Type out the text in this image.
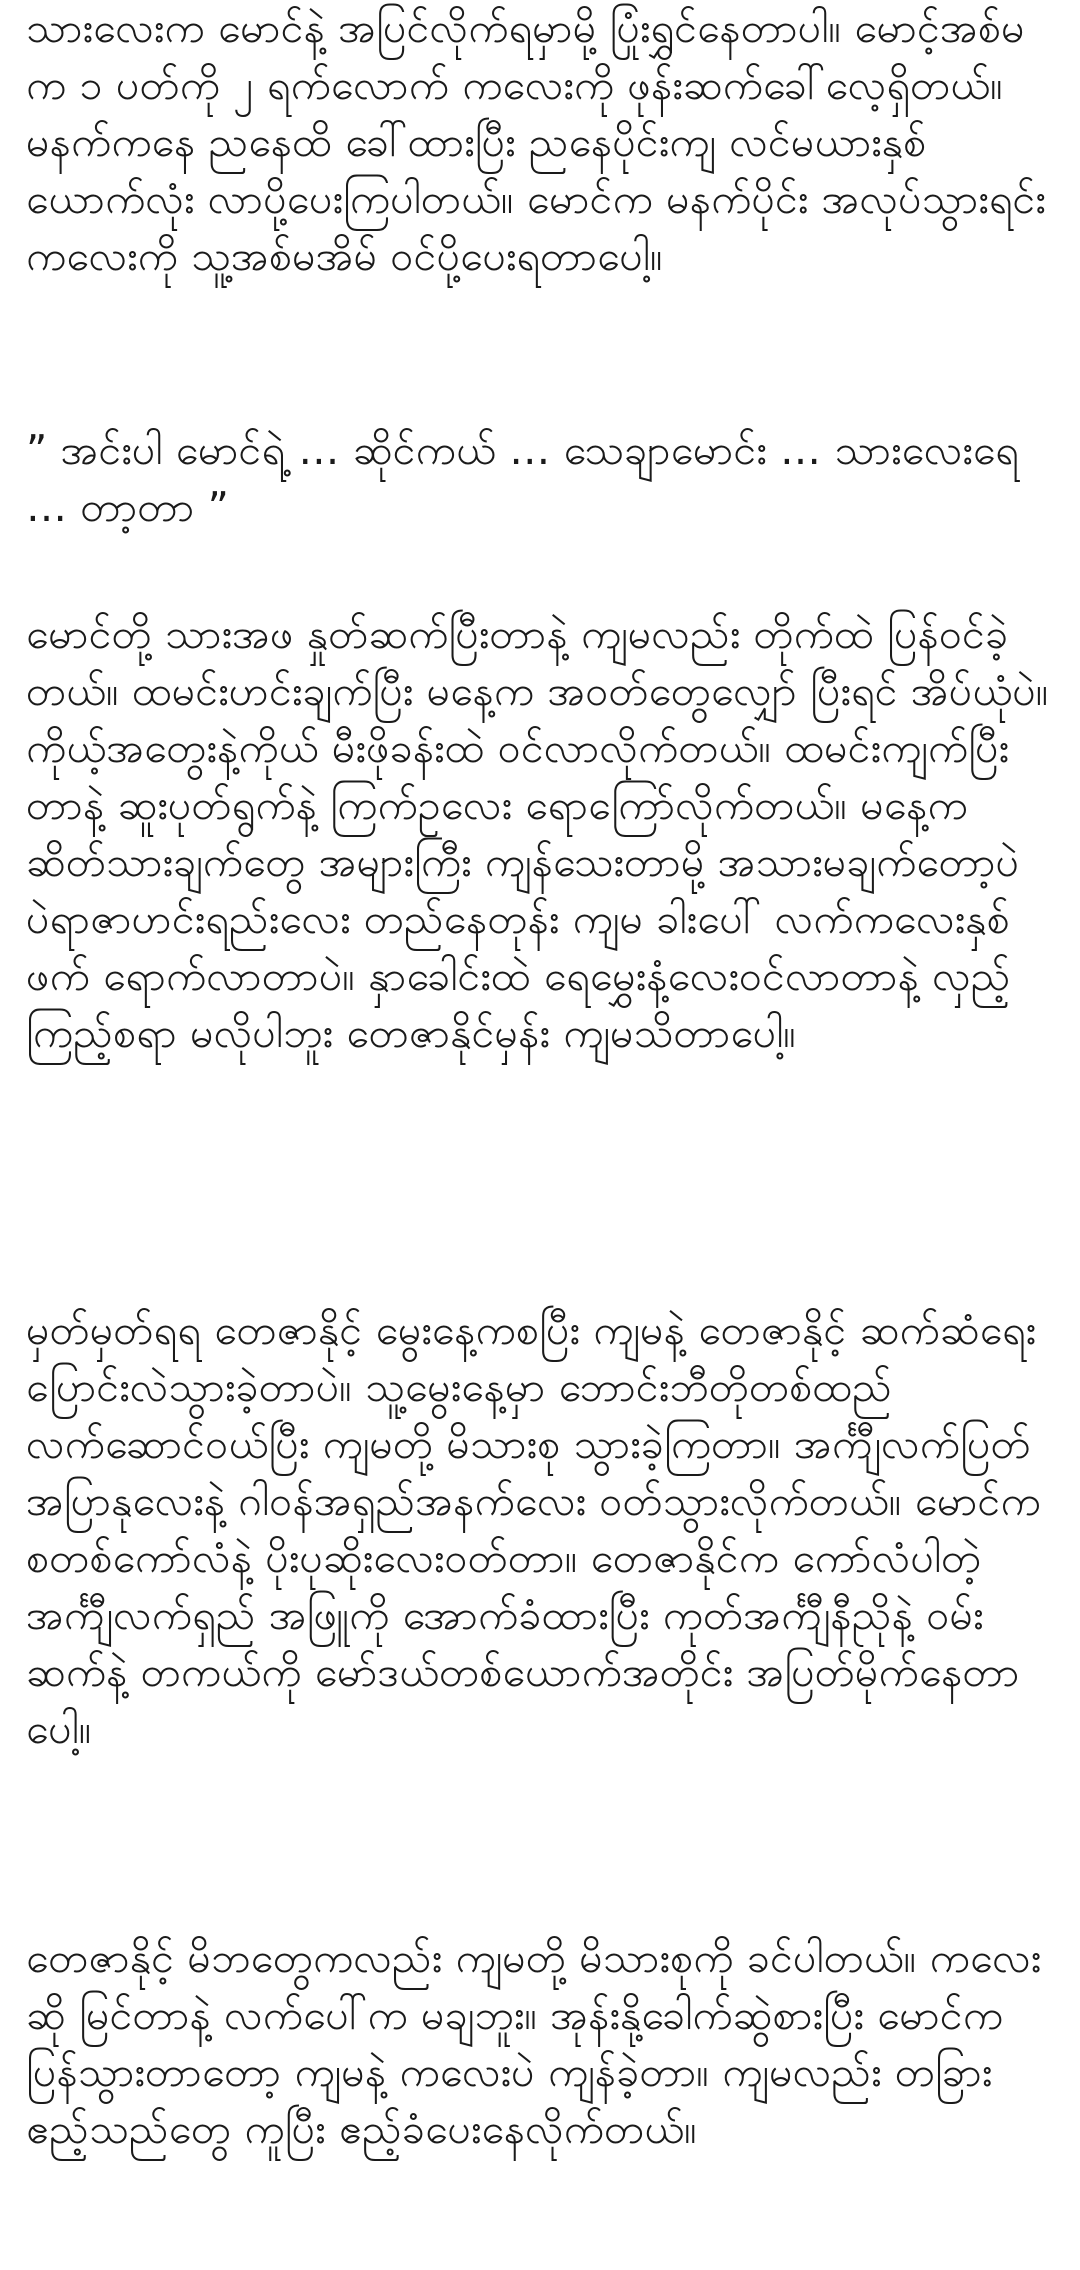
သားလေးက မောင်နဲ့ အပြင်လိုက်ရမှာမို့ ပြုံးရွှင်နေတာပါ။ မောင့်အစ်မက ၁ ပတ်ကို ၂ ရက်လောက် ကလေးကို ဖုန်းဆက်ခေါ်လေ့ရှိတယ်။ မနက်ကနေ ညနေထိ ခေါ်ထားပြီး ညနေပိုင်းကျ လင်မယားနှစ်ယောက်လုံး လာပို့ပေးကြပါတယ်။ မောင်က မနက်ပိုင်း အလုပ်သွားရင်း ကလေးကို သူ့အစ်မအိမ် ဝင်ပို့ပေးရတာပေါ့။

” အင်းပါ မောင်ရဲ့ … ဆိုင်ကယ် … သေချာမောင်း … သားလေးရေ … တာ့တာ ”

မောင်တို့ သားအဖ နှုတ်ဆက်ပြီးတာနဲ့ ကျမလည်း တိုက်ထဲ ပြန်ဝင်ခဲ့တယ်။ ထမင်းဟင်းချက်ပြီး မနေ့က အဝတ်တွေလျှော် ပြီးရင် အိပ်ယုံပဲ။ ကိုယ့်အတွေးနဲ့ကိုယ် မီးဖိုခန်းထဲ ဝင်လာလိုက်တယ်။ ထမင်းကျက်ပြီးတာနဲ့ ဆူးပုတ်ရွက်နဲ့ ကြက်ဥလေး ရောကြော်လိုက်တယ်။ မနေ့က ဆိတ်သားချက်တွေ အများကြီး ကျန်သေးတာမို့ အသားမချက်တော့ပဲ ပဲရာဇာဟင်းရည်းလေး တည်နေတုန်း ကျမ ခါးပေါ် လက်ကလေးနှစ်ဖက် ရောက်လာတာပဲ။ နှာခေါင်းထဲ ရေမွှေးနံ့လေးဝင်လာတာနဲ့ လှည့်ကြည့်စရာ မလိုပါဘူး တေဇာနိုင်မှန်း ကျမသိတာပေါ့။

မှတ်မှတ်ရရ တေဇာနိုင့် မွေးနေ့ကစပြီး ကျမနဲ့ တေဇာနိုင့် ဆက်ဆံရေး ပြောင်းလဲသွားခဲ့တာပဲ။ သူ့မွေးနေ့မှာ ဘောင်းဘီတိုတစ်ထည် လက်ဆောင်ဝယ်ပြီး ကျမတို့ မိသားစု သွားခဲ့ကြတာ။ အင်္ကျီလက်ပြတ်အပြာနုလေးနဲ့ ဂါဝန်အရှည်အနက်လေး ဝတ်သွားလိုက်တယ်။ မောင်က စတစ်ကော်လံနဲ့ ပိုးပုဆိုးလေးဝတ်တာ။ တေဇာနိုင်က ကော်လံပါတဲ့ အင်္ကျီလက်ရှည် အဖြူကို အောက်ခံထားပြီး ကုတ်အင်္ကျီနီညိုနဲ့ ဝမ်းဆက်နဲ့ တကယ်ကို မော်ဒယ်တစ်ယောက်အတိုင်း အပြတ်မိုက်နေတာပေါ့။

တေဇာနိုင့် မိဘတွေကလည်း ကျမတို့ မိသားစုကို ခင်ပါတယ်။ ကလေးဆို မြင်တာနဲ့ လက်ပေါ်က မချဘူး။ အုန်းနို့ခေါက်ဆွဲစားပြီး မောင်က ပြန်သွားတာတော့ ကျမနဲ့ ကလေးပဲ ကျန်ခဲ့တာ။ ကျမလည်း တခြားဧည့်သည်တွေ ကူပြီး ဧည့်ခံပေးနေလိုက်တယ်။
